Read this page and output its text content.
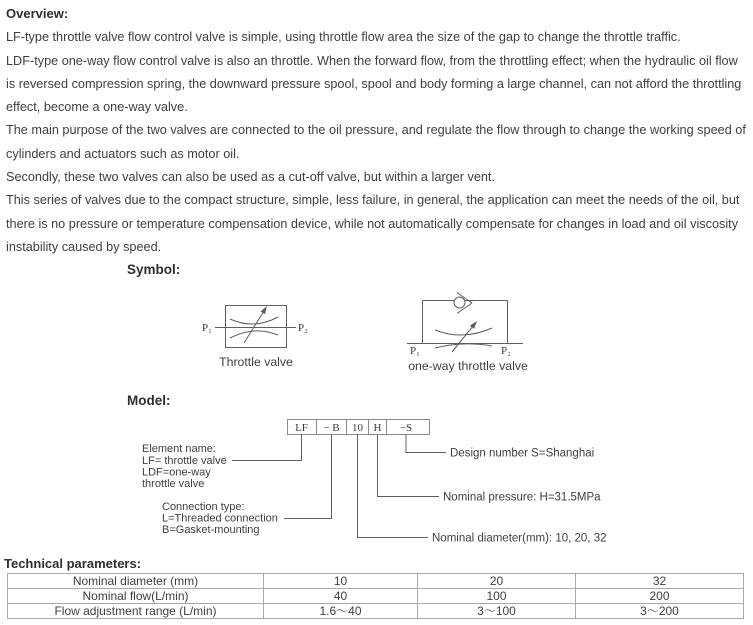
Overview:

LF-type throttle valve flow control valve is simple, using throttle flow area the size of the gap to change the throttle traffic.

LDF-type one-way flow control valve is also an throttle. When the forward flow, from the throttling effect; when the hydraulic oil flow is reversed compression spring, the downward pressure spool, spool and body forming a large channel, can not afford the throttling effect, become a one-way valve.

The main purpose of the two valves are connected to the oil pressure, and regulate the flow through to change the working speed of cylinders and actuators such as motor oil.

Secondly, these two valves can also be used as a cut-off valve, but within a larger vent.

This series of valves due to the compact structure, simple, less failure, in general, the application can meet the needs of the oil, but there is no pressure or temperature compensation device, while not automatically compensate for changes in load and oil viscosity instability caused by speed.

Symbol:
P₁	P₂
Throttle valve
P₁	P₂
one-way throttle valve
Model:
LF − B 10 H −S
Element name:
LF= throttle valve
LDF=one-way
throttle valve
Connection type:
L=Threaded connection
B=Gasket-mounting
Design number S=Shanghai
Nominal pressure: H=31.5MPa
Nominal diameter(mm): 10, 20, 32
Technical parameters:
Nominal diameter (mm)	10	20	32
Nominal flow(L/min)	40	100	200
Flow adjustment range (L/min)	1.6～40	3～100	3～200
